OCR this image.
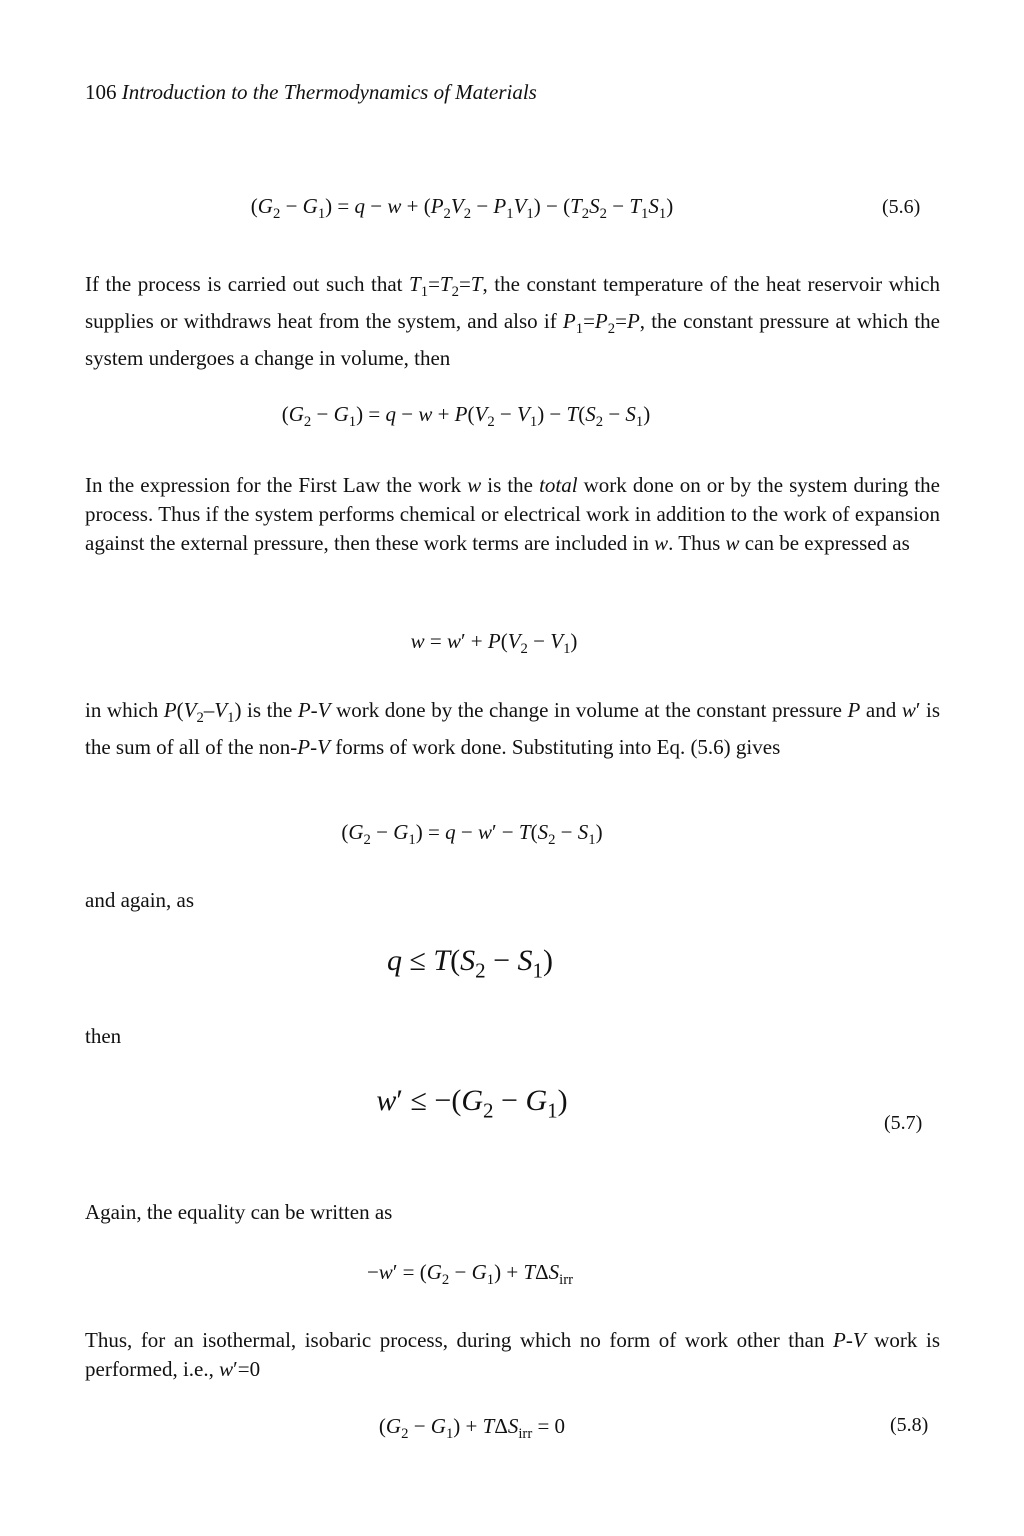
106 Introduction to the Thermodynamics of Materials
$(G_2 - G_1) = q - w + (P_2V_2 - P_1V_1) - (T_2S_2 - T_1S_1)$	(5.6)
If the process is carried out such that $T_1=T_2=T$, the constant temperature of the heat reservoir which supplies or withdraws heat from the system, and also if $P_1=P_2=P$, the constant pressure at which the system undergoes a change in volume, then
$(G_2 - G_1) = q - w + P(V_2 - V_1) - T(S_2 - S_1)$
In the expression for the First Law the work w is the total work done on or by the system during the process. Thus if the system performs chemical or electrical work in addition to the work of expansion against the external pressure, then these work terms are included in w. Thus w can be expressed as
$w = w' + P(V_2 - V_1)$
in which $P(V_2-V_1)$ is the P-V work done by the change in volume at the constant pressure P and w′ is the sum of all of the non-P-V forms of work done. Substituting into Eq. (5.6) gives
$(G_2 - G_1) = q - w' - T(S_2 - S_1)$
and again, as
$q \le T(S_2 - S_1)$
then
$w' \le -(G_2 - G_1)$
(5.7)
Again, the equality can be written as
$-w' = (G_2 - G_1) + T\Delta S_{irr}$
Thus, for an isothermal, isobaric process, during which no form of work other than P-V work is performed, i.e., w′=0
$(G_2 - G_1) + T\Delta S_{irr} = 0$	(5.8)
